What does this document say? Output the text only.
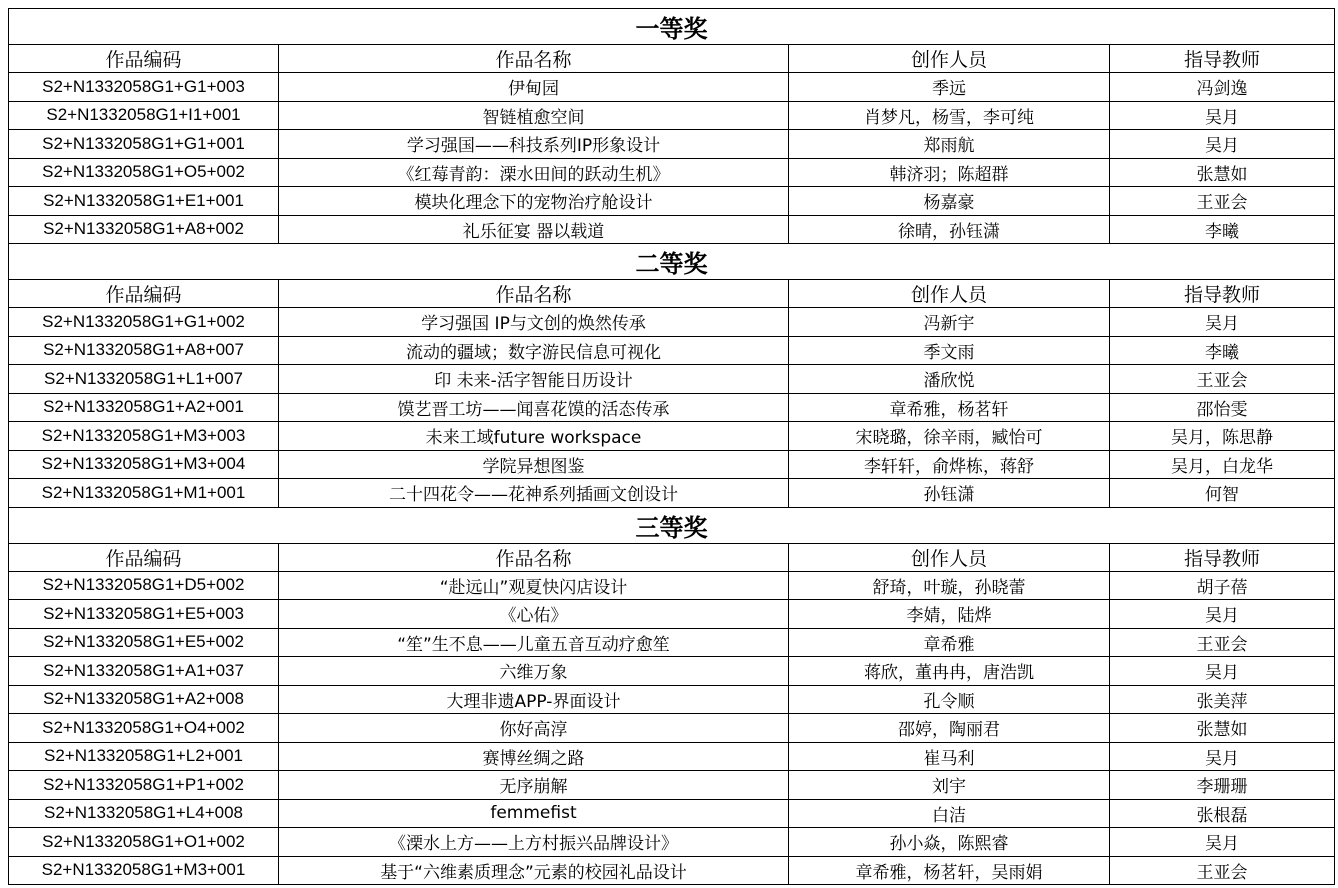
一等奖			
作品编码	作品名称	创作人员	指导教师
S2+N1332058G1+G1+003	伊甸园	季远	冯剑逸
S2+N1332058G1+I1+001	智链植愈空间	肖梦凡，杨雪，李可纯	吴月
S2+N1332058G1+G1+001	学习强国——科技系列IP形象设计	郑雨航	吴月
S2+N1332058G1+O5+002	《红莓青韵：溧水田间的跃动生机》	韩济羽；陈超群	张慧如
S2+N1332058G1+E1+001	模块化理念下的宠物治疗舱设计	杨嘉豪	王亚会
S2+N1332058G1+A8+002	礼乐征宴 器以载道	徐晴，孙钰潇	李曦
二等奖			
作品编码	作品名称	创作人员	指导教师
S2+N1332058G1+G1+002	学习强国 IP与文创的焕然传承	冯新宇	吴月
S2+N1332058G1+A8+007	流动的疆域；数字游民信息可视化	季文雨	李曦
S2+N1332058G1+L1+007	印 未来-活字智能日历设计	潘欣悦	王亚会
S2+N1332058G1+A2+001	馍艺晋工坊——闻喜花馍的活态传承	章希雅，杨茗轩	邵怡雯
S2+N1332058G1+M3+003	未来工域future workspace	宋晓璐，徐辛雨，臧怡可	吴月，陈思静
S2+N1332058G1+M3+004	学院异想图鉴	李轩轩，俞烨栋，蒋舒	吴月，白龙华
S2+N1332058G1+M1+001	二十四花令——花神系列插画文创设计	孙钰潇	何智
三等奖			
作品编码	作品名称	创作人员	指导教师
S2+N1332058G1+D5+002	“赴远山”观夏快闪店设计	舒琦，叶璇，孙晓蕾	胡子蓓
S2+N1332058G1+E5+003	《心佑》	李婧，陆烨	吴月
S2+N1332058G1+E5+002	“笙”生不息——儿童五音互动疗愈笙	章希雅	王亚会
S2+N1332058G1+A1+037	六维万象	蒋欣，董冉冉，唐浩凯	吴月
S2+N1332058G1+A2+008	大理非遗APP-界面设计	孔令顺	张美萍
S2+N1332058G1+O4+002	你好高淳	邵婷，陶丽君	张慧如
S2+N1332058G1+L2+001	赛博丝绸之路	崔马利	吴月
S2+N1332058G1+P1+002	无序崩解	刘宇	李珊珊
S2+N1332058G1+L4+008	femmefist	白洁	张根磊
S2+N1332058G1+O1+002	《溧水上方——上方村振兴品牌设计》	孙小焱，陈熙睿	吴月
S2+N1332058G1+M3+001	基于“六维素质理念”元素的校园礼品设计	章希雅，杨茗轩，吴雨娟	王亚会
